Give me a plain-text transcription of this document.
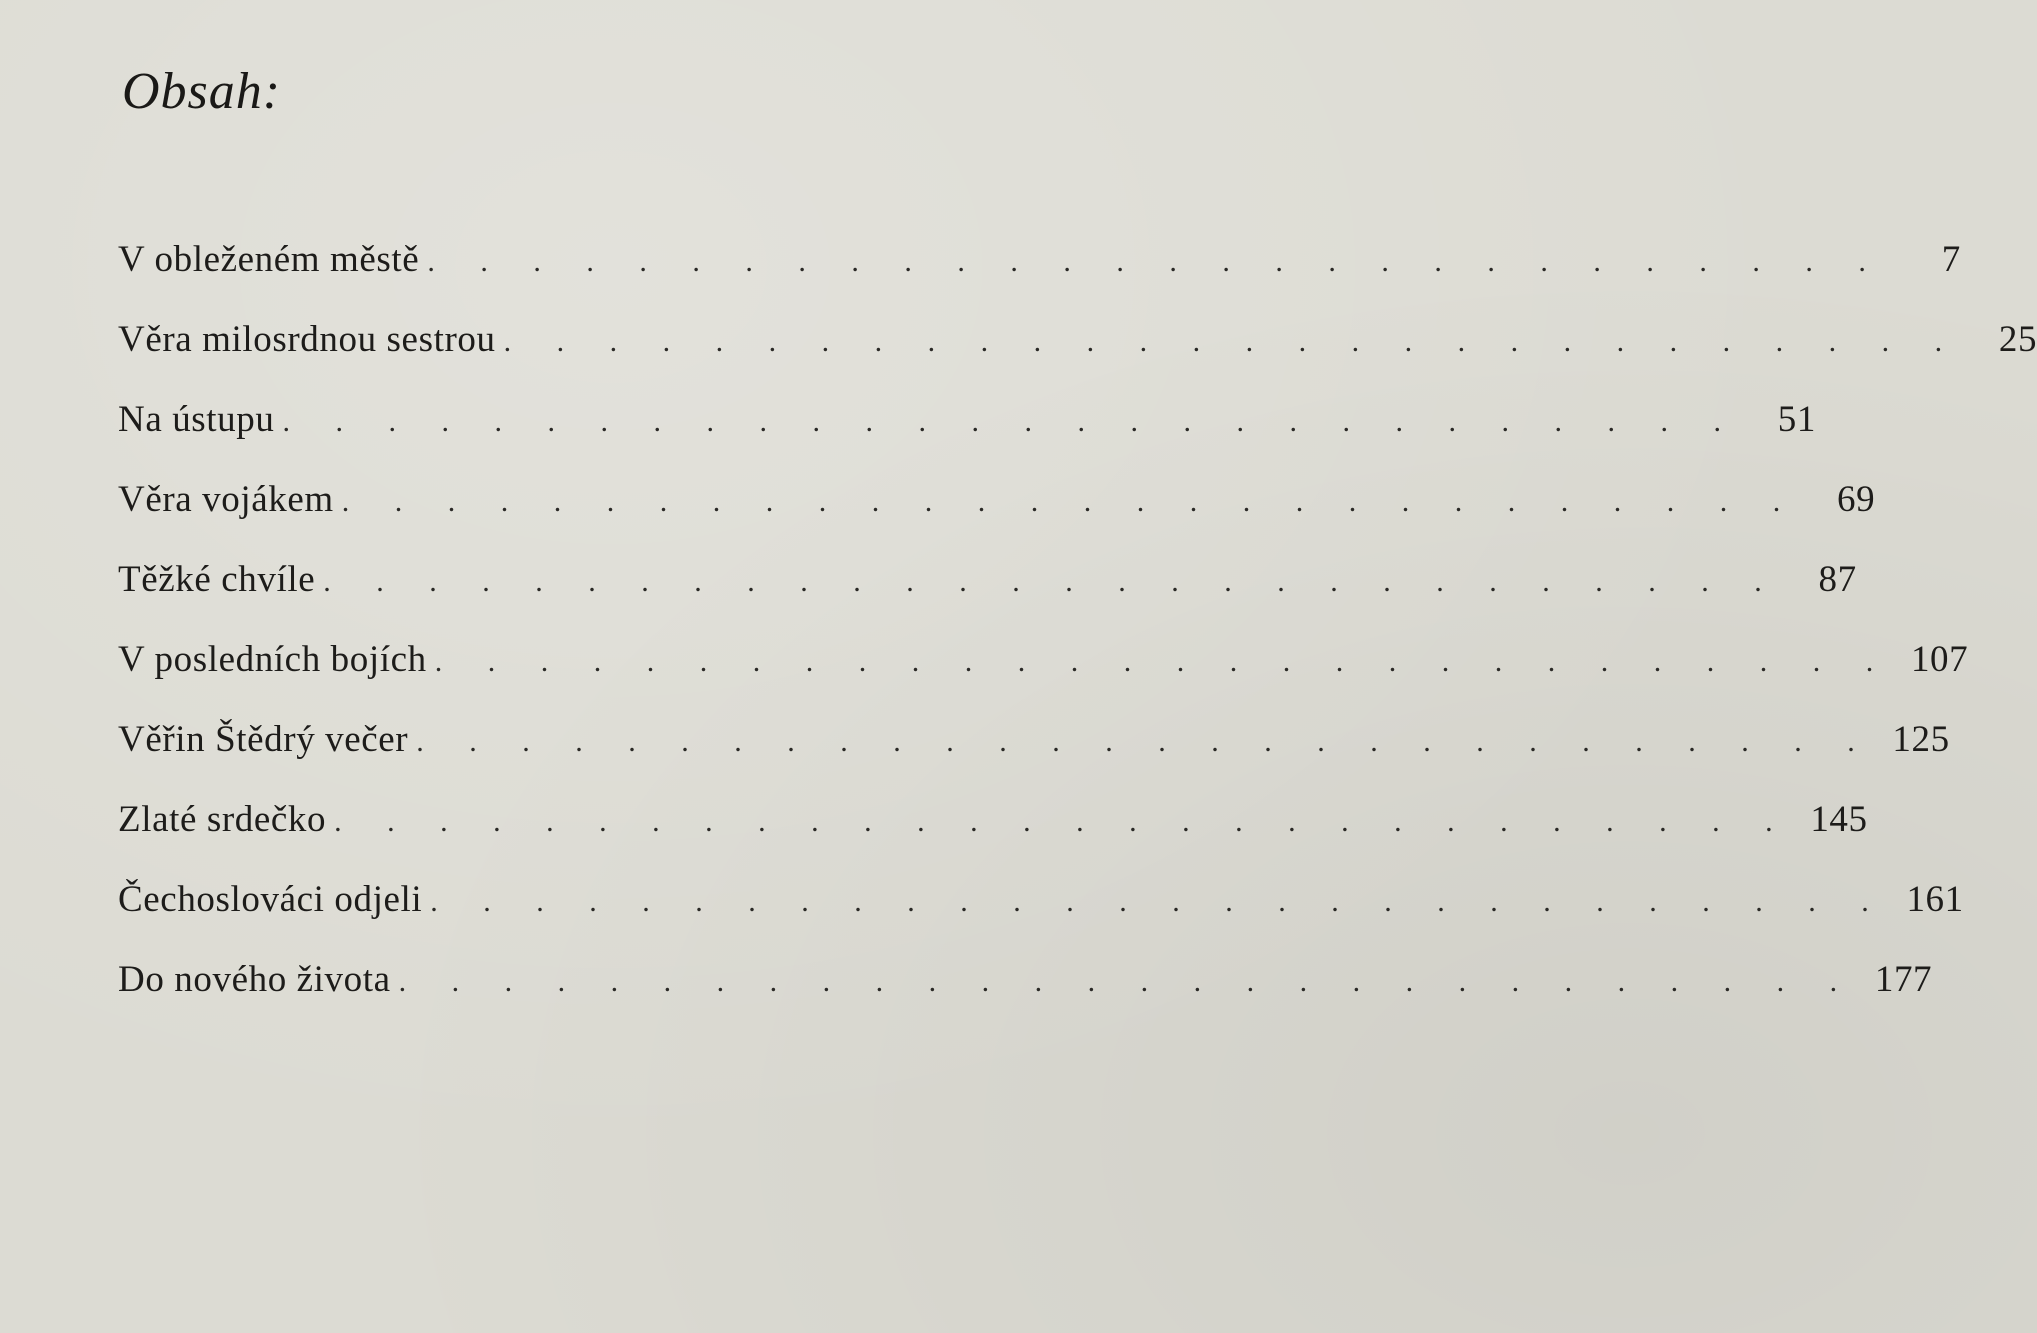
Obsah:
V obleženém městě . . . . . . . . . . . . . . . . . . . . . . . . . . . .	7
Věra milosrdnou sestrou . . . . . . . . . . . . . . . . . . . . . . . . . . . .	25
Na ústupu . . . . . . . . . . . . . . . . . . . . . . . . . . . .	51
Věra vojákem . . . . . . . . . . . . . . . . . . . . . . . . . . . .	69
Těžké chvíle . . . . . . . . . . . . . . . . . . . . . . . . . . . .	87
V posledních bojích . . . . . . . . . . . . . . . . . . . . . . . . . . . . 107
Věřin Štědrý večer . . . . . . . . . . . . . . . . . . . . . . . . . . . . 125
Zlaté srdečko . . . . . . . . . . . . . . . . . . . . . . . . . . . . 145
Čechoslováci odjeli . . . . . . . . . . . . . . . . . . . . . . . . . . . . 161
Do nového života . . . . . . . . . . . . . . . . . . . . . . . . . . . . 177
